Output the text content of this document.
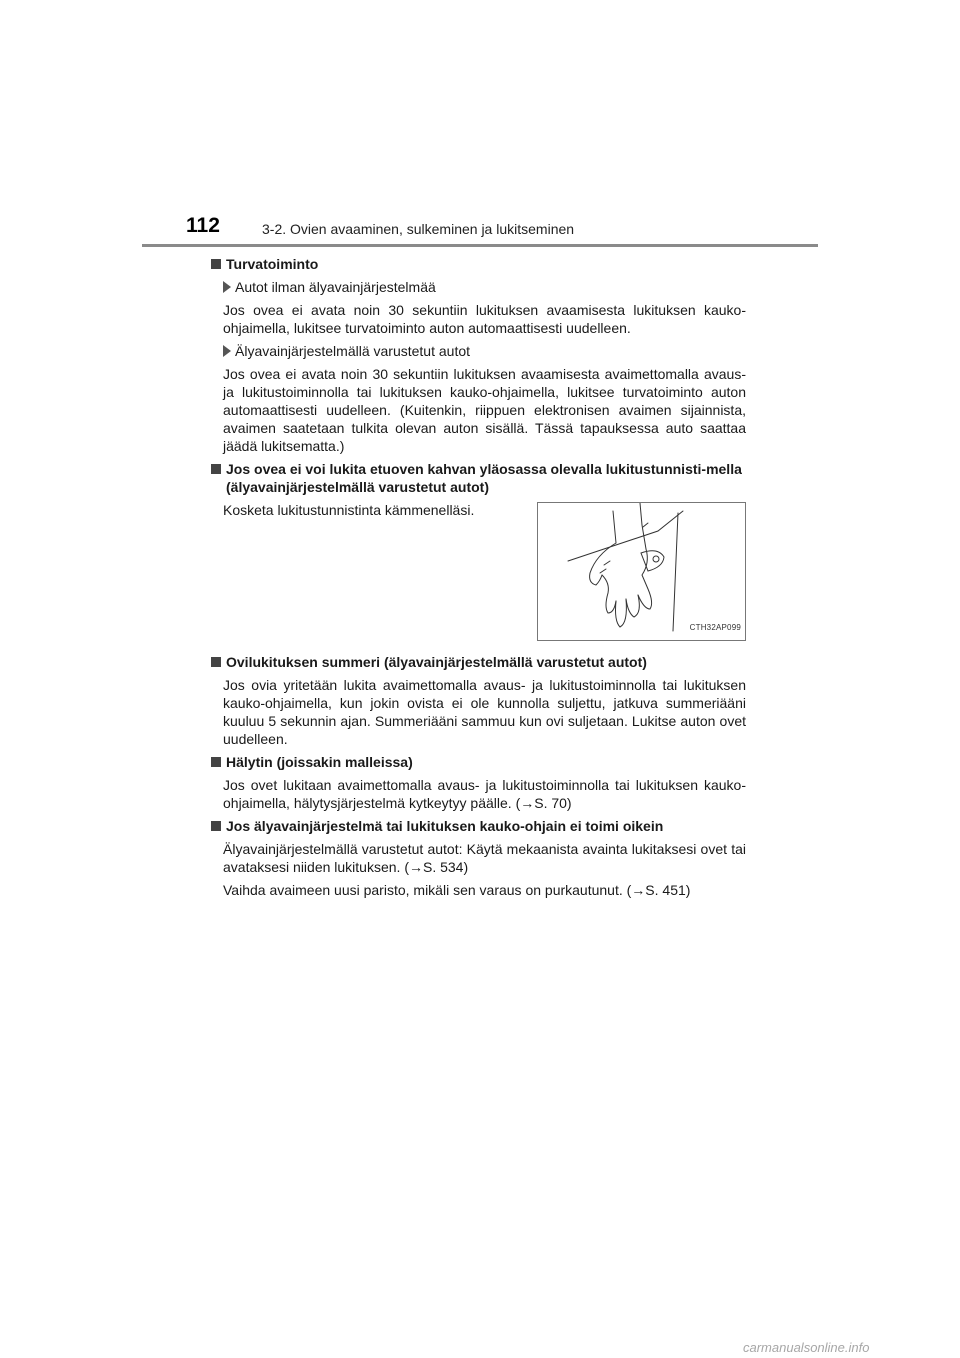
112	3-2. Ovien avaaminen, sulkeminen ja lukitseminen
Turvatoiminto
Autot ilman älyavainjärjestelmää
Jos ovea ei avata noin 30 sekuntiin lukituksen avaamisesta lukituksen kauko-ohjaimella, lukitsee turvatoiminto auton automaattisesti uudelleen.
Älyavainjärjestelmällä varustetut autot
Jos ovea ei avata noin 30 sekuntiin lukituksen avaamisesta avaimettomalla avaus- ja lukitustoiminnolla tai lukituksen kauko-ohjaimella, lukitsee turvatoiminto auton automaattisesti uudelleen. (Kuitenkin, riippuen elektronisen avaimen sijainnista, avaimen saatetaan tulkita olevan auton sisällä. Tässä tapauksessa auto saattaa jäädä lukitsematta.)
Jos ovea ei voi lukita etuoven kahvan yläosassa olevalla lukitustunnisti-mella (älyavainjärjestelmällä varustetut autot)
Kosketa lukitustunnistinta kämmenelläsi.
CTH32AP099
Ovilukituksen summeri (älyavainjärjestelmällä varustetut autot)
Jos ovia yritetään lukita avaimettomalla avaus- ja lukitustoiminnolla tai lukituksen kauko-ohjaimella, kun jokin ovista ei ole kunnolla suljettu, jatkuva summeriääni kuuluu 5 sekunnin ajan. Summeriääni sammuu kun ovi suljetaan. Lukitse auton ovet uudelleen.
Hälytin (joissakin malleissa)
Jos ovet lukitaan avaimettomalla avaus- ja lukitustoiminnolla tai lukituksen kauko-ohjaimella, hälytysjärjestelmä kytkeytyy päälle. (→S. 70)
Jos älyavainjärjestelmä tai lukituksen kauko-ohjain ei toimi oikein
Älyavainjärjestelmällä varustetut autot: Käytä mekaanista avainta lukitaksesi ovet tai avataksesi niiden lukituksen. (→S. 534)
Vaihda avaimeen uusi paristo, mikäli sen varaus on purkautunut. (→S. 451)
carmanualsonline.info
